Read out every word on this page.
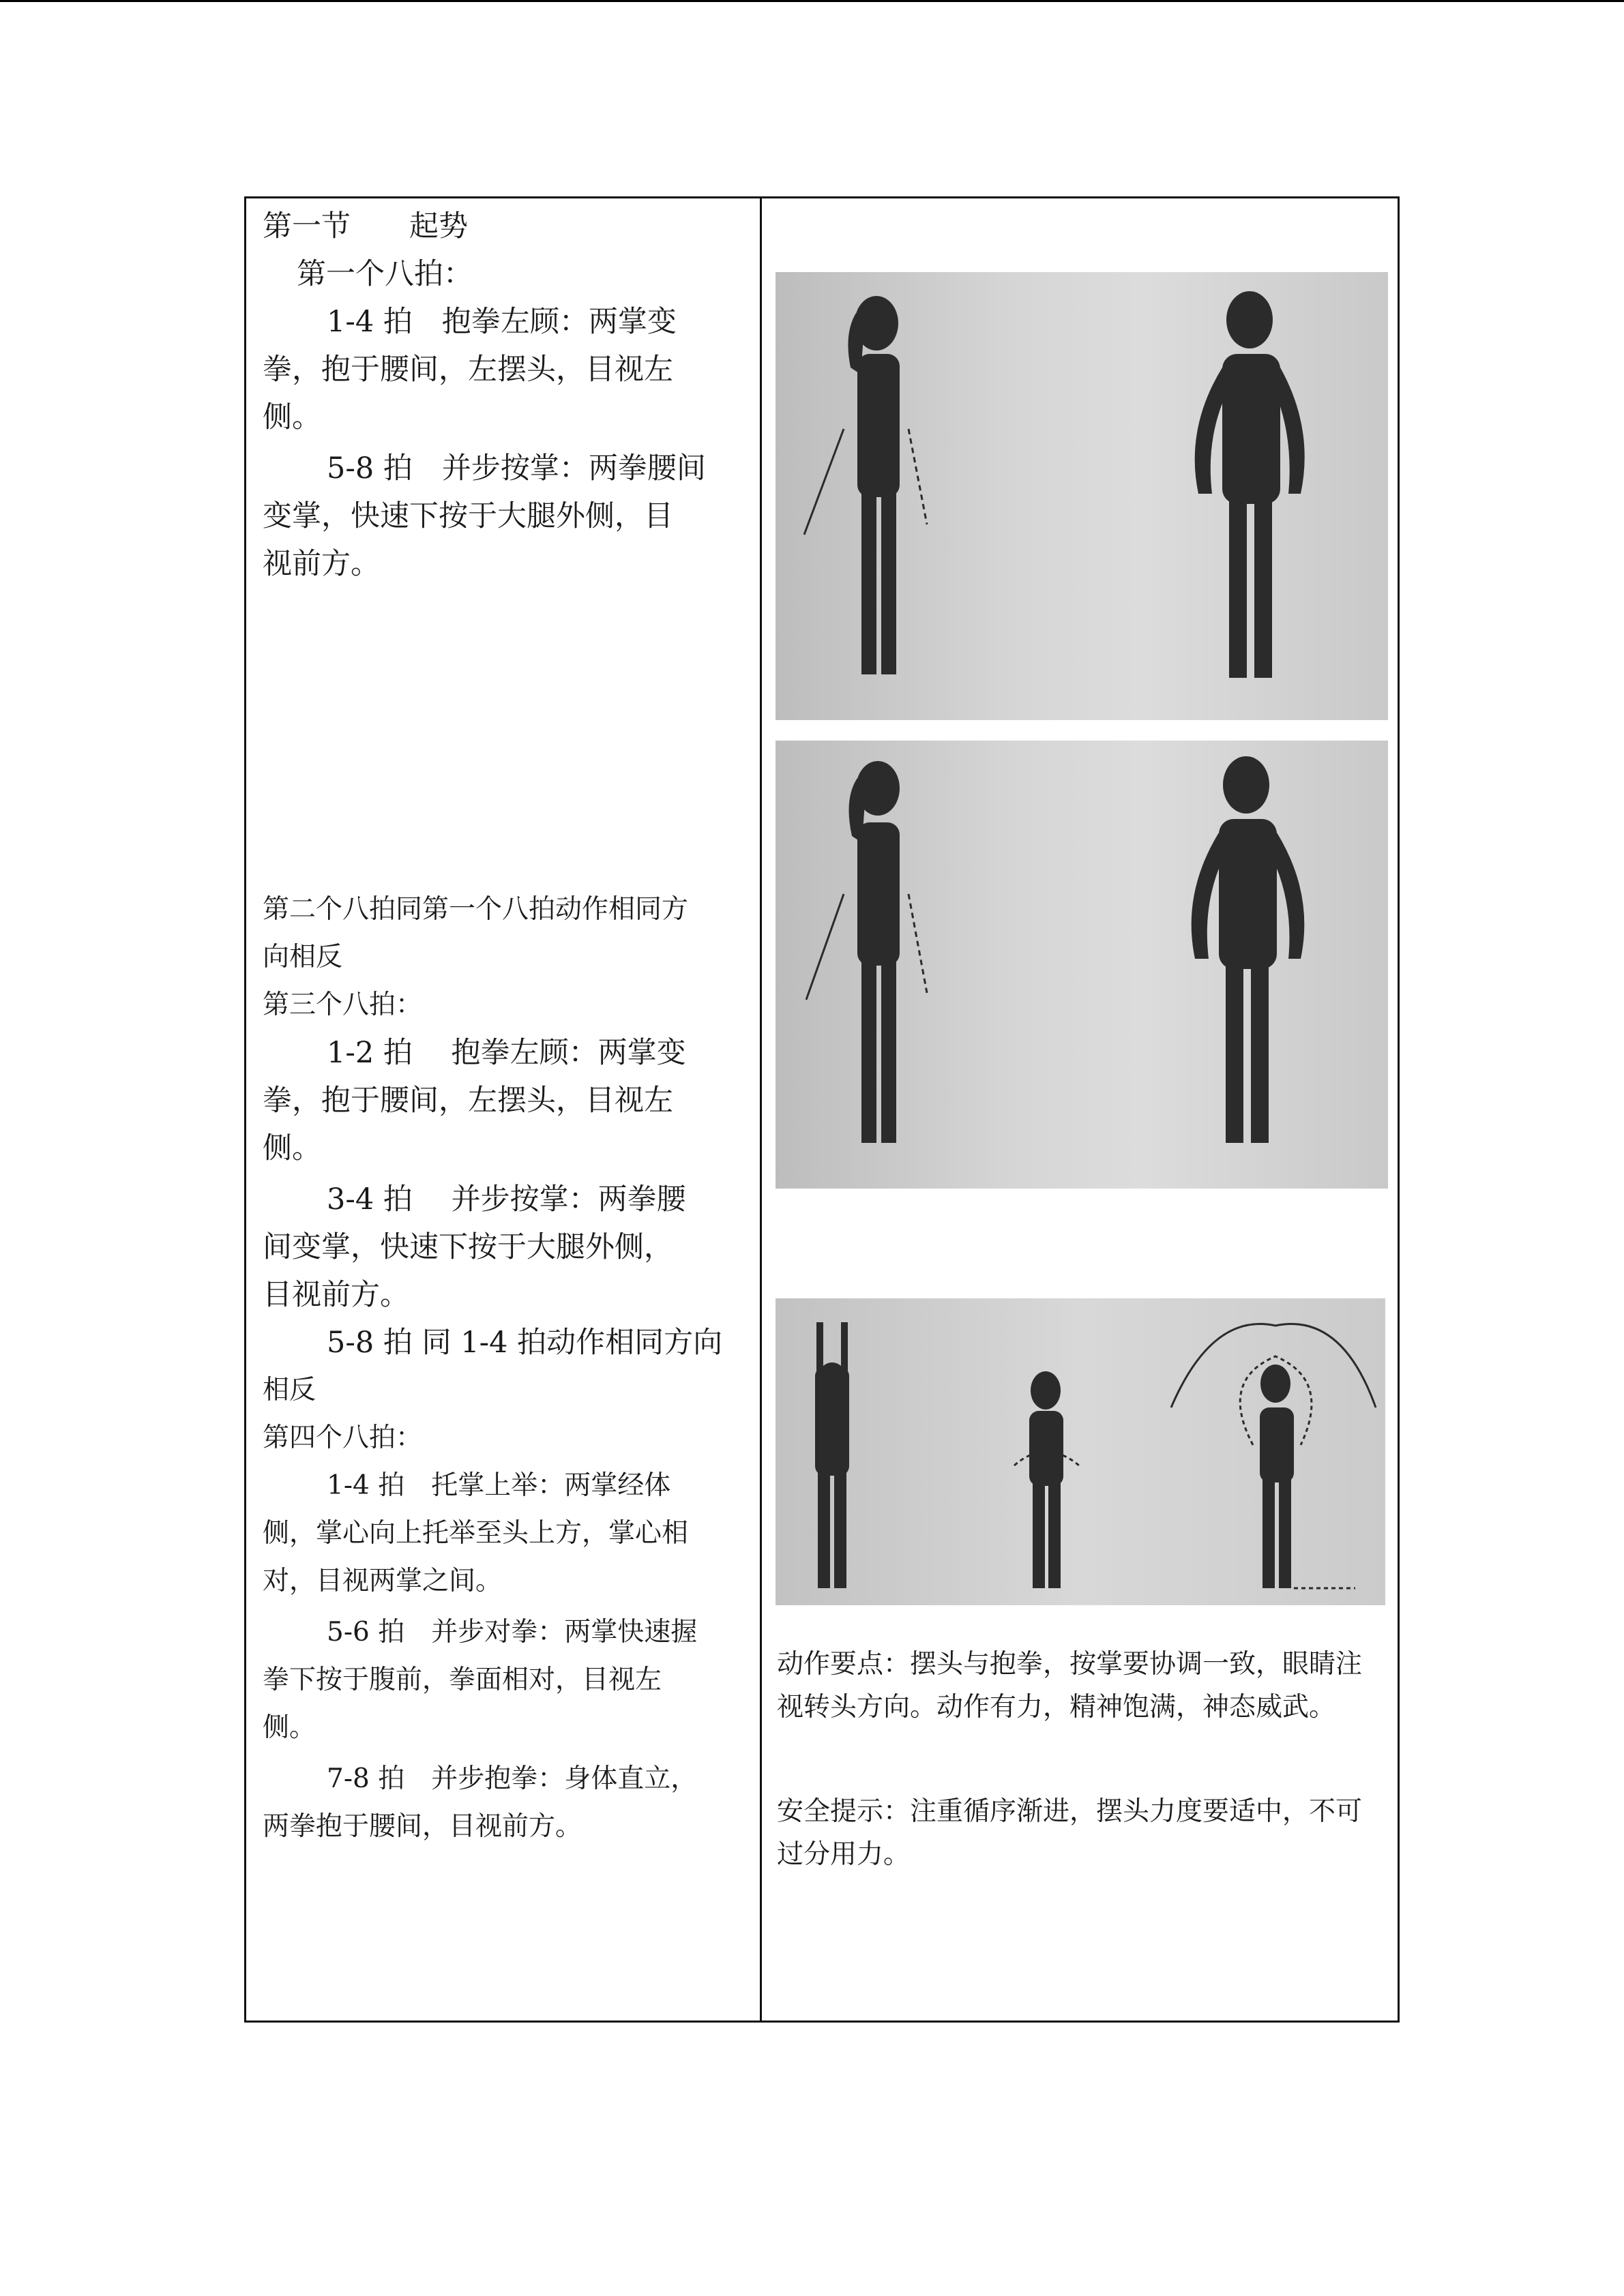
第一节　　起势

第一个八拍：

1-4 拍　抱拳左顾：两掌变

拳，抱于腰间，左摆头，目视左

侧。

5-8 拍　并步按掌：两拳腰间

变掌，快速下按于大腿外侧，目

视前方。

第二个八拍同第一个八拍动作相同方

向相反

第三个八拍：

1-2 拍　 抱拳左顾：两掌变

拳，抱于腰间，左摆头，目视左

侧。

3-4 拍　 并步按掌：两拳腰

间变掌，快速下按于大腿外侧，

目视前方。

5-8 拍 同 1-4 拍动作相同方向

相反

第四个八拍：

1-4 拍　托掌上举：两掌经体

侧，掌心向上托举至头上方，掌心相

对，目视两掌之间。

5-6 拍　并步对拳：两掌快速握

拳下按于腹前，拳面相对，目视左

侧。

7-8 拍　并步抱拳：身体直立，

两拳抱于腰间，目视前方。

动作要点：摆头与抱拳，按掌要协调一致，眼睛注视转头方向。动作有力，精神饱满，神态威武。

安全提示：注重循序渐进，摆头力度要适中，不可过分用力。
